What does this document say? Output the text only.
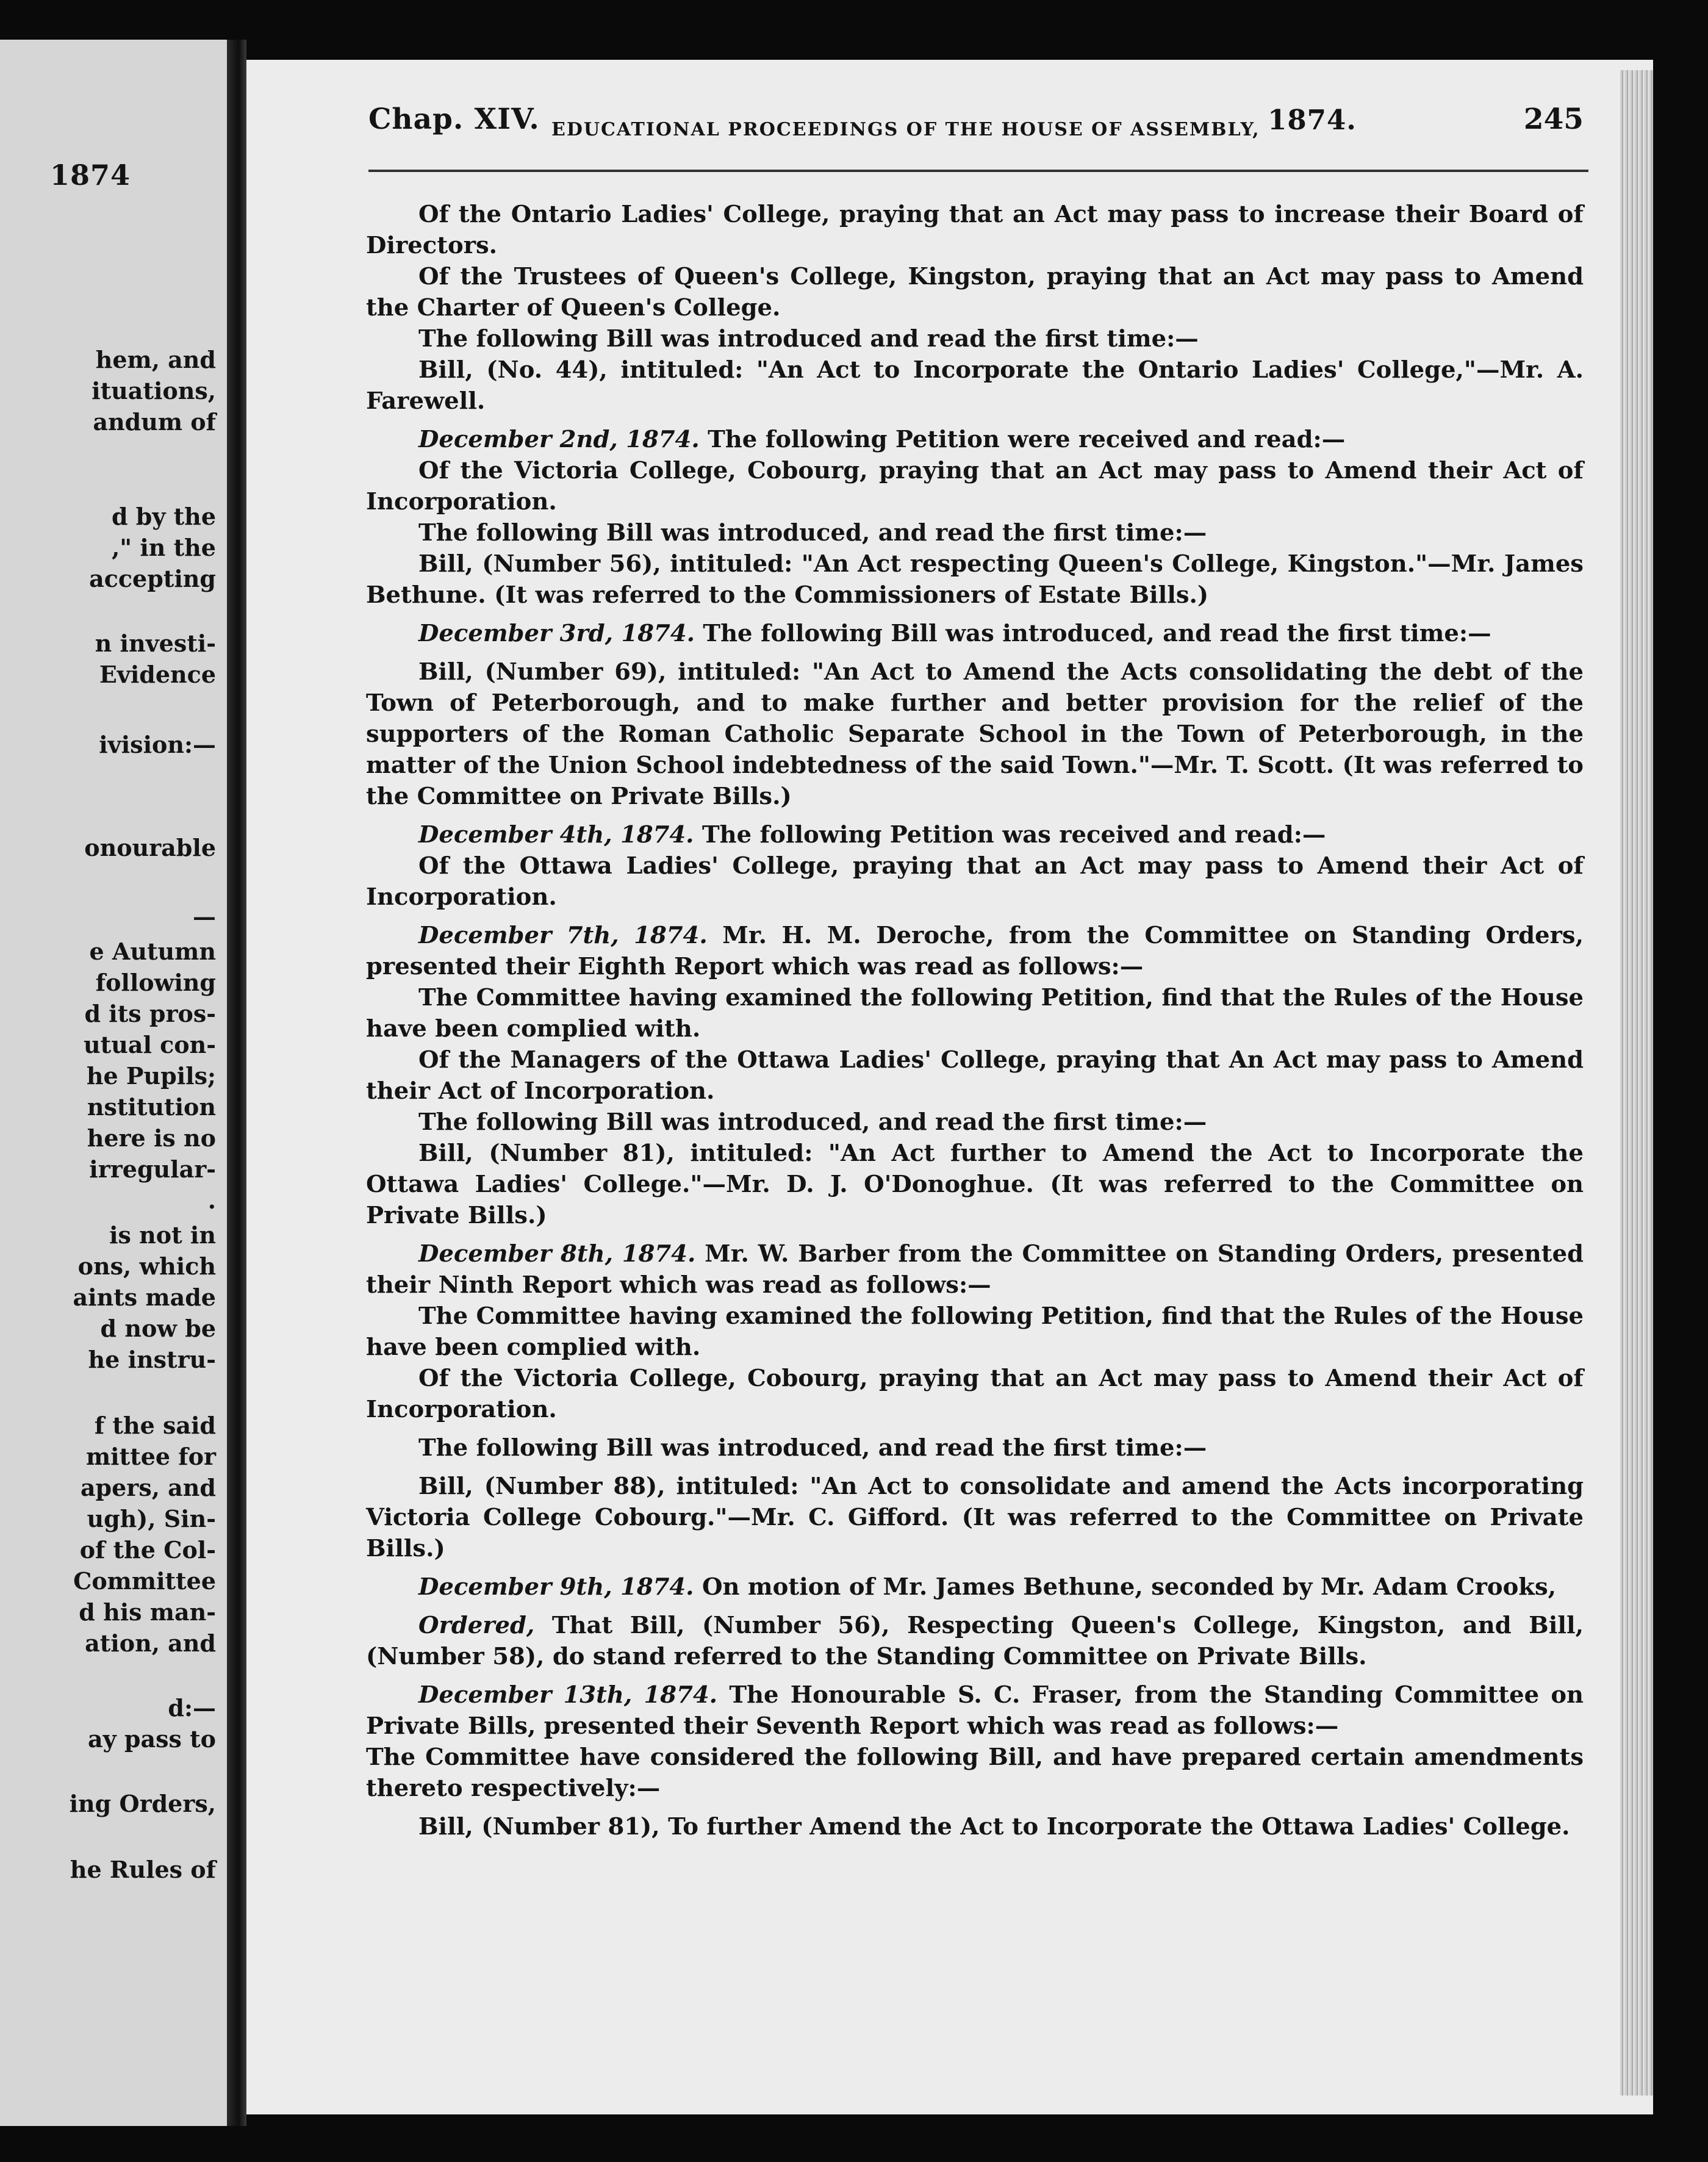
1874
hem, and
ituations,
andum of
d by the
," in the
accepting
n investi-
Evidence
ivision:—
onourable
—
e Autumn
following
d its pros-
utual con-
he Pupils;
nstitution
here is no
irregular-
.
is not in
ons, which
aints made
d now be
he instru-
f the said
mittee for
apers, and
ugh), Sin-
of the Col-
Committee
d his man-
ation, and
d:—
ay pass to
ing Orders,
he Rules of
Chap. XIV. EDUCATIONAL PROCEEDINGS OF THE HOUSE OF ASSEMBLY, 1874.	245

Of the Ontario Ladies' College, praying that an Act may pass to increase their Board of Directors.

Of the Trustees of Queen's College, Kingston, praying that an Act may pass to Amend the Charter of Queen's College.

The following Bill was introduced and read the first time:—

Bill, (No. 44), intituled: "An Act to Incorporate the Ontario Ladies' College,"—Mr. A. Farewell.

December 2nd, 1874. The following Petition were received and read:—

Of the Victoria College, Cobourg, praying that an Act may pass to Amend their Act of Incorporation.

The following Bill was introduced, and read the first time:—

Bill, (Number 56), intituled: "An Act respecting Queen's College, Kingston."—Mr. James Bethune. (It was referred to the Commissioners of Estate Bills.)

December 3rd, 1874. The following Bill was introduced, and read the first time:—

Bill, (Number 69), intituled: "An Act to Amend the Acts consolidating the debt of the Town of Peterborough, and to make further and better provision for the relief of the supporters of the Roman Catholic Separate School in the Town of Peterborough, in the matter of the Union School indebtedness of the said Town."—Mr. T. Scott. (It was referred to the Committee on Private Bills.)

December 4th, 1874. The following Petition was received and read:—

Of the Ottawa Ladies' College, praying that an Act may pass to Amend their Act of Incorporation.

December 7th, 1874. Mr. H. M. Deroche, from the Committee on Standing Orders, presented their Eighth Report which was read as follows:—

The Committee having examined the following Petition, find that the Rules of the House have been complied with.

Of the Managers of the Ottawa Ladies' College, praying that An Act may pass to Amend their Act of Incorporation.

The following Bill was introduced, and read the first time:—

Bill, (Number 81), intituled: "An Act further to Amend the Act to Incorporate the Ottawa Ladies' College."—Mr. D. J. O'Donoghue. (It was referred to the Committee on Private Bills.)

December 8th, 1874. Mr. W. Barber from the Committee on Standing Orders, presented their Ninth Report which was read as follows:—

The Committee having examined the following Petition, find that the Rules of the House have been complied with.

Of the Victoria College, Cobourg, praying that an Act may pass to Amend their Act of Incorporation.

The following Bill was introduced, and read the first time:—

Bill, (Number 88), intituled: "An Act to consolidate and amend the Acts incorporating Victoria College Cobourg."—Mr. C. Gifford. (It was referred to the Committee on Private Bills.)

December 9th, 1874. On motion of Mr. James Bethune, seconded by Mr. Adam Crooks,

Ordered, That Bill, (Number 56), Respecting Queen's College, Kingston, and Bill, (Number 58), do stand referred to the Standing Committee on Private Bills.

December 13th, 1874. The Honourable S. C. Fraser, from the Standing Committee on Private Bills, presented their Seventh Report which was read as follows:—

The Committee have considered the following Bill, and have prepared certain amendments thereto respectively:—

Bill, (Number 81), To further Amend the Act to Incorporate the Ottawa Ladies' College.
